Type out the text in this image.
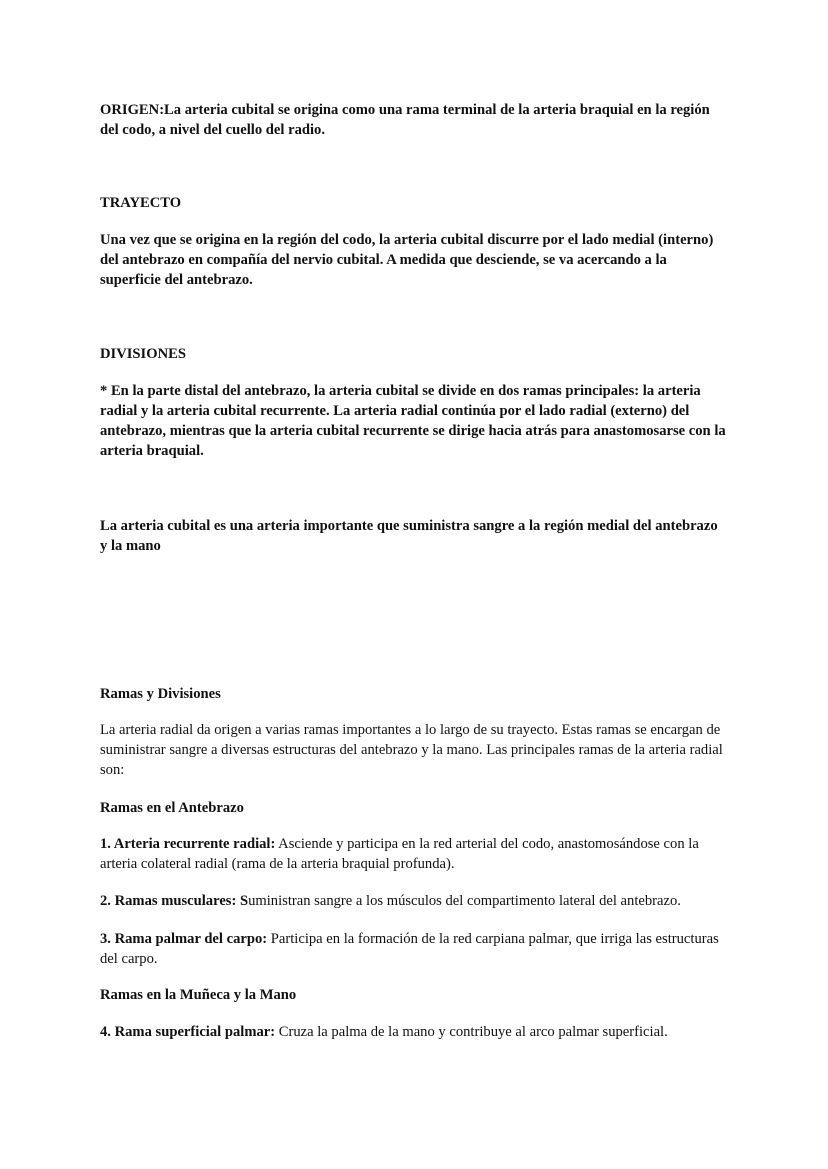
ORIGEN:La arteria cubital se origina como una rama terminal de la arteria braquial en la región del codo, a nivel del cuello del radio.

TRAYECTO

Una vez que se origina en la región del codo, la arteria cubital discurre por el lado medial (interno) del antebrazo en compañía del nervio cubital. A medida que desciende, se va acercando a la superficie del antebrazo.

DIVISIONES

* En la parte distal del antebrazo, la arteria cubital se divide en dos ramas principales: la arteria radial y la arteria cubital recurrente. La arteria radial continúa por el lado radial (externo) del antebrazo, mientras que la arteria cubital recurrente se dirige hacia atrás para anastomosarse con la arteria braquial.

La arteria cubital es una arteria importante que suministra sangre a la región medial del antebrazo y la mano

Ramas y Divisiones

La arteria radial da origen a varias ramas importantes a lo largo de su trayecto. Estas ramas se encargan de suministrar sangre a diversas estructuras del antebrazo y la mano. Las principales ramas de la arteria radial son:

Ramas en el Antebrazo

1. Arteria recurrente radial: Asciende y participa en la red arterial del codo, anastomosándose con la arteria colateral radial (rama de la arteria braquial profunda).

2. Ramas musculares: Suministran sangre a los músculos del compartimento lateral del antebrazo.

3. Rama palmar del carpo: Participa en la formación de la red carpiana palmar, que irriga las estructuras del carpo.

Ramas en la Muñeca y la Mano

4. Rama superficial palmar: Cruza la palma de la mano y contribuye al arco palmar superficial.
